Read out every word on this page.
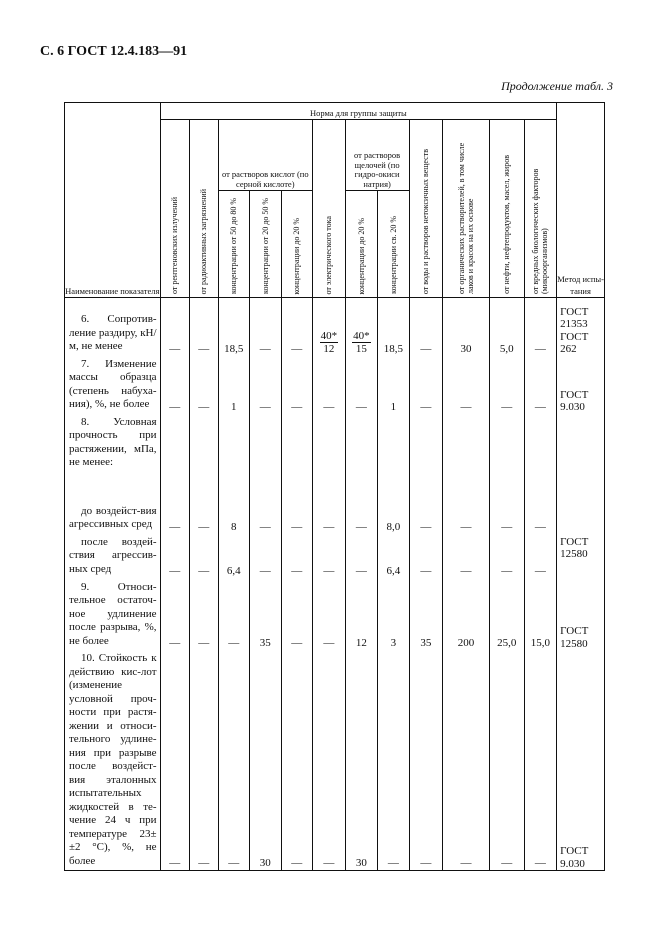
С. 6 ГОСТ 12.4.183—91
Продолжение табл. 3
Наименование показателя	Норма для группы защиты												Метод испы-тания
	от рентгеновских излучений	от радиоактивных загрязнений	от растворов кислот (по серной кислоте)			от электрического тока	от растворов щелочей (по гидро-окиси натрия)		от воды и растворов нетоксичных веществ	от органических растворителей, в том числе лаков и красок на их основе	от нефти, нефтепродуктов, масел, жиров	от вредных биологических факторов (микроорганизмов)	
			концентрации от 50 до 80 %	концентрации от 20 до 50 %	концентрации до 20 %		концентрации до 20 %	концентрации св. 20 %					

6. Сопротив-ление раздиру, кН/м, не менее	—	—	18,5	—	—	$\frac{40*}{12}$	$\frac{40*}{15}$	18,5	—	30	5,0	—	ГОСТ 21353 ГОСТ 262

7. Изменение массы образца (степень набуха-ния), %, не более	—	—	1	—	—	—	—	1	—	—	—	—	ГОСТ 9.030

8. Условная прочность при растяжении, мПа, не менее:													

до воздейст-вия агрессивных сред	—	—	8	—	—	—	—	8,0	—	—	—	—	

после воздей-ствия агрессив-ных сред	—	—	6,4	—	—	—	—	6,4	—	—	—	—	ГОСТ 12580

9. Относи-тельное остаточ-ное удлинение после разрыва, %, не более	—	—	—	35	—	—	12	3	35	200	25,0	15,0	ГОСТ 12580

10. Стойкость к действию кис-лот (изменение условной проч-ности при растя-жении и относи-тельного удлине-ния при разрыве после воздейст-вия эталонных испытательных жидкостей в те-чение 24 ч при температуре 23± ±2 °С), %, не более	—	—	—	30	—	—	30	—	—	—	—	—	ГОСТ 9.030
